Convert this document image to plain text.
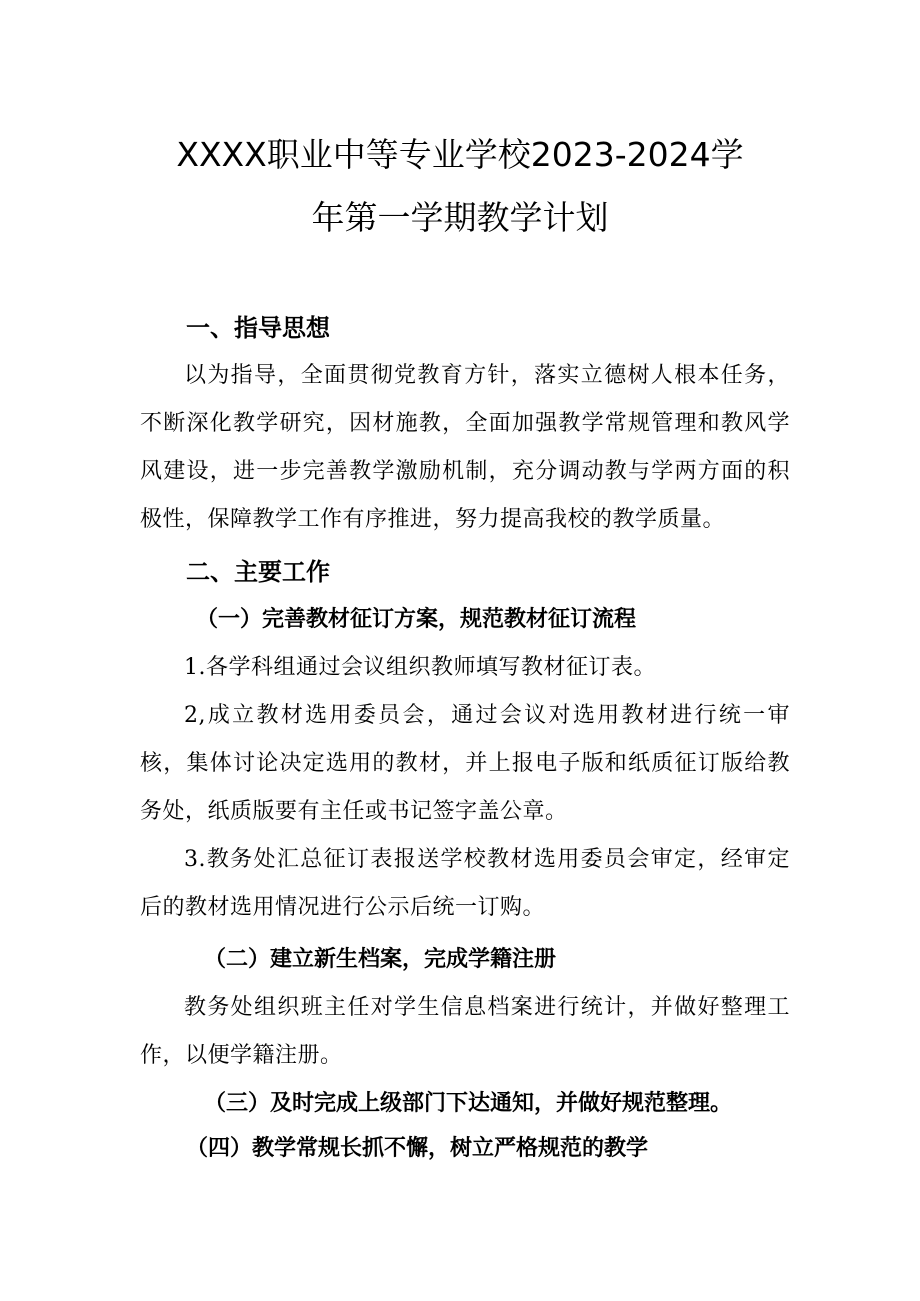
XXXX职业中等专业学校2023-2024学
年第一学期教学计划
一、指导思想

以为指导，全面贯彻党教育方针，落实立德树人根本任务，不断深化教学研究，因材施教，全面加强教学常规管理和教风学风建设，进一步完善教学激励机制，充分调动教与学两方面的积极性，保障教学工作有序推进，努力提高我校的教学质量。

二、主要工作
（一）完善教材征订方案，规范教材征订流程

1.各学科组通过会议组织教师填写教材征订表。

2,成立教材选用委员会，通过会议对选用教材进行统一审核，集体讨论决定选用的教材，并上报电子版和纸质征订版给教务处，纸质版要有主任或书记签字盖公章。

3.教务处汇总征订表报送学校教材选用委员会审定，经审定后的教材选用情况进行公示后统一订购。

（二）建立新生档案，完成学籍注册

教务处组织班主任对学生信息档案进行统计，并做好整理工作，以便学籍注册。

（三）及时完成上级部门下达通知，并做好规范整理。
（四）教学常规长抓不懈，树立严格规范的教学
